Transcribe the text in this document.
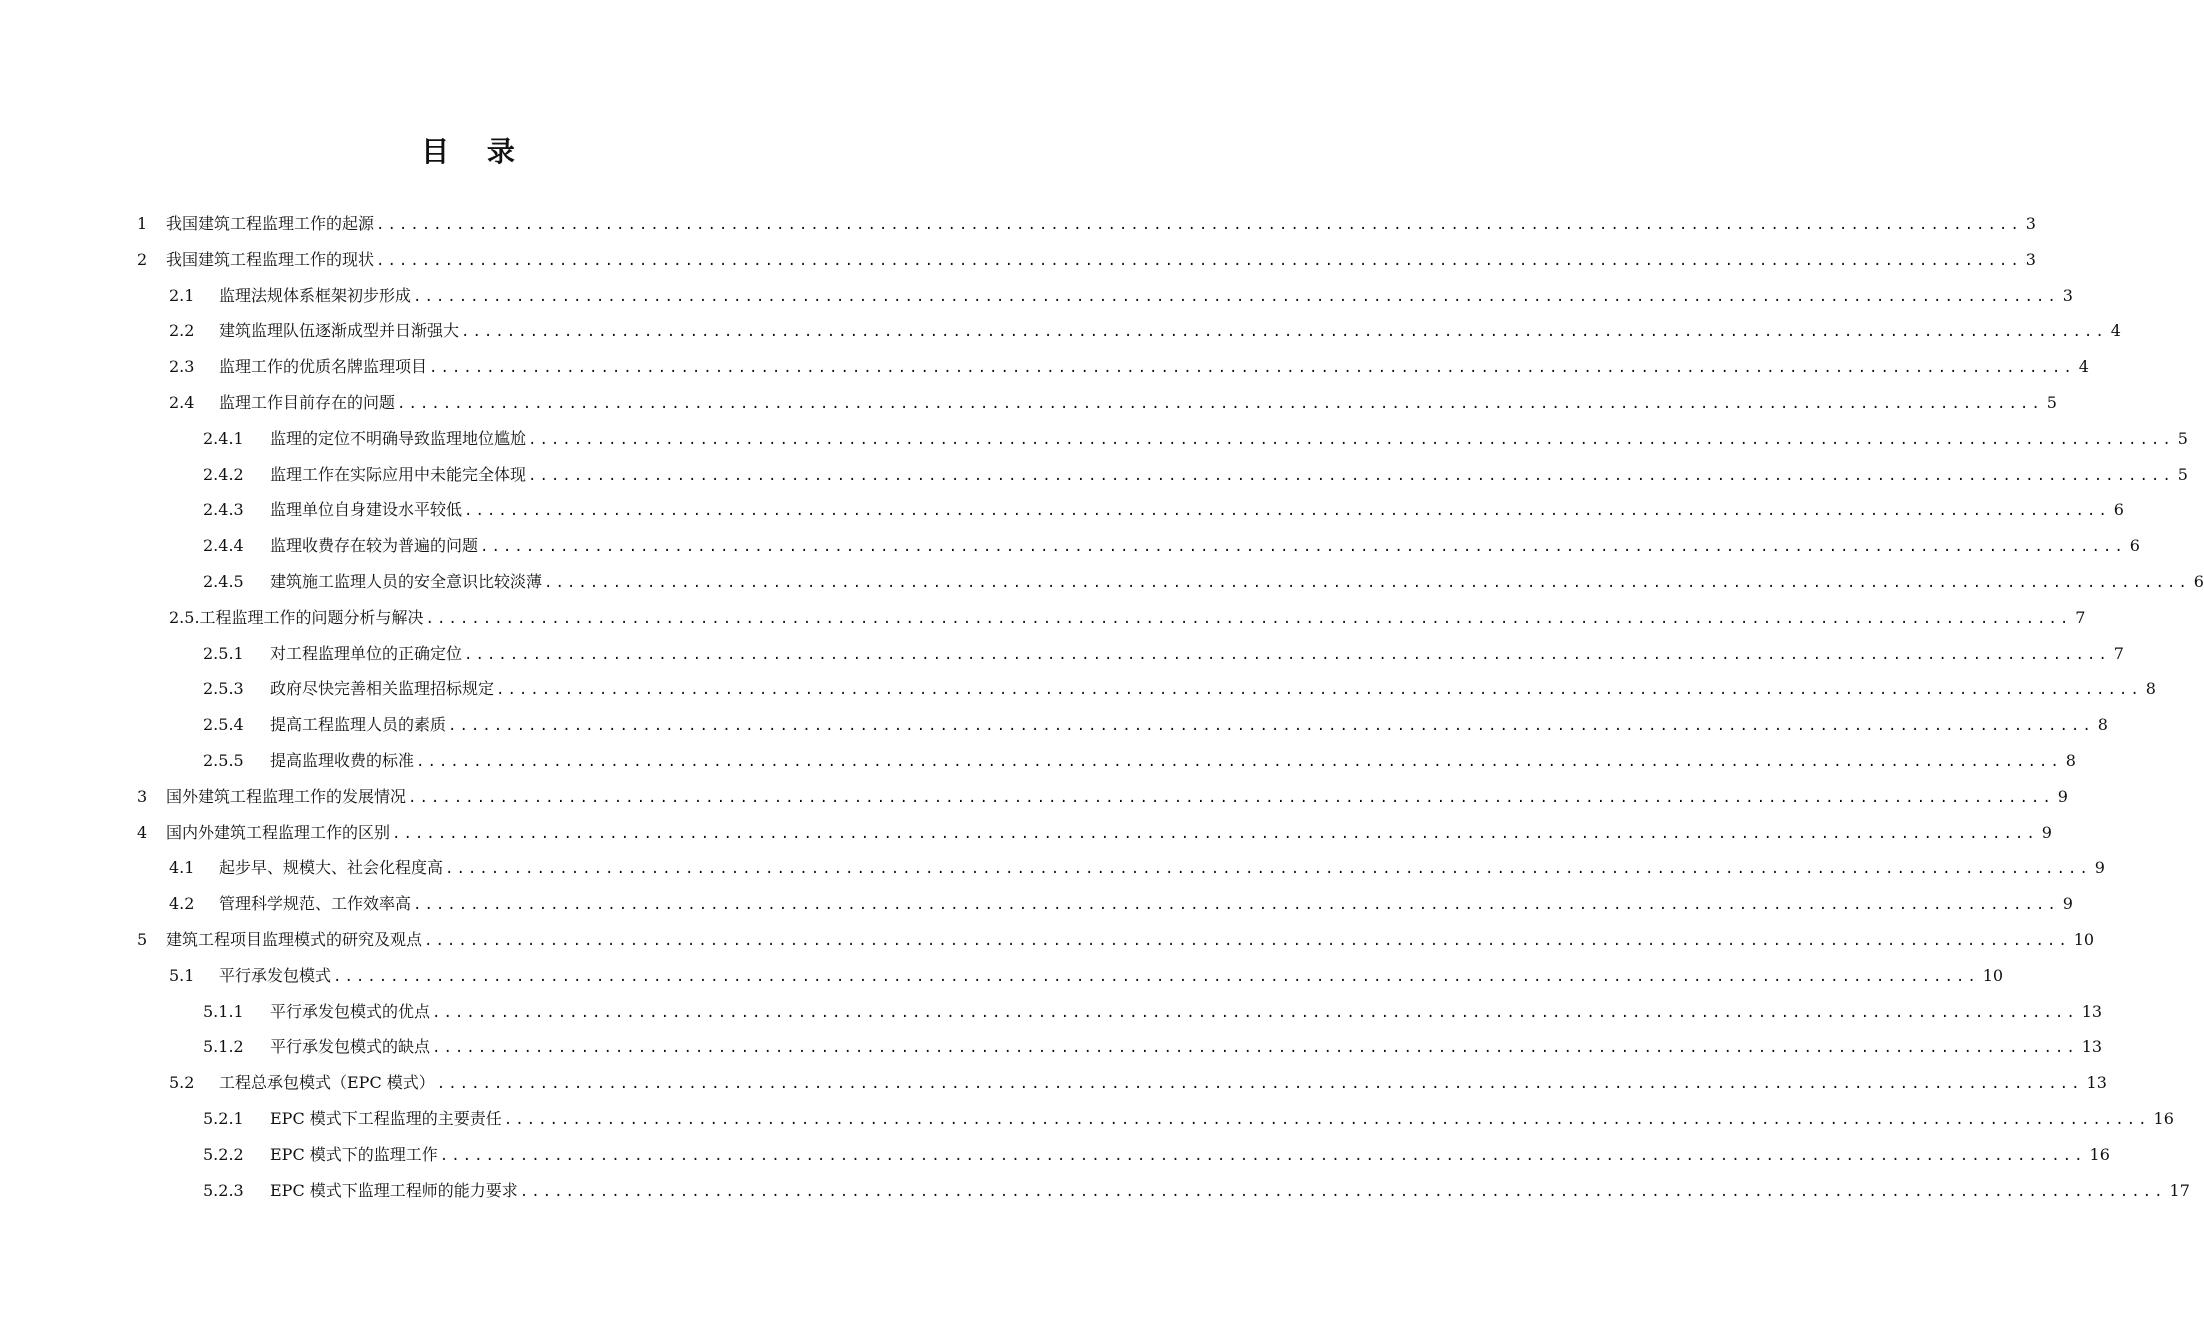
目 录
1	我国建筑工程监理工作的起源 .....	3
2	我国建筑工程监理工作的现状 .....	3
2.1	监理法规体系框架初步形成 .....	3
2.2	建筑监理队伍逐渐成型并日渐强大 .....	4
2.3	监理工作的优质名牌监理项目 .....	4
2.4	监理工作目前存在的问题 .....	5
2.4.1	监理的定位不明确导致监理地位尴尬 .....	5
2.4.2	监理工作在实际应用中未能完全体现 .....	5
2.4.3	监理单位自身建设水平较低 .....	6
2.4.4	监理收费存在较为普遍的问题 .....	6
2.4.5	建筑施工监理人员的安全意识比较淡薄 .....	6
2.5. 工程监理工作的问题分析与解决 .....	7
2.5.1	对工程监理单位的正确定位 .....	7
2.5.3	政府尽快完善相关监理招标规定 .....	8
2.5.4	提高工程监理人员的素质 .....	8
2.5.5	提高监理收费的标准 .....	8
3	国外建筑工程监理工作的发展情况 .....	9
4	国内外建筑工程监理工作的区别 .....	9
4.1	起步早、规模大、社会化程度高 .....	9
4.2	管理科学规范、工作效率高 .....	9
5	建筑工程项目监理模式的研究及观点 .....	10
5.1	平行承发包模式 .....	10
5.1.1	平行承发包模式的优点 .....	13
5.1.2	平行承发包模式的缺点 .....	13
5.2	工程总承包模式（EPC 模式） .....	13
5.2.1	EPC 模式下工程监理的主要责任 .....	16
5.2.2	EPC 模式下的监理工作 .....	16
5.2.3	EPC 模式下监理工程师的能力要求 .....	17
